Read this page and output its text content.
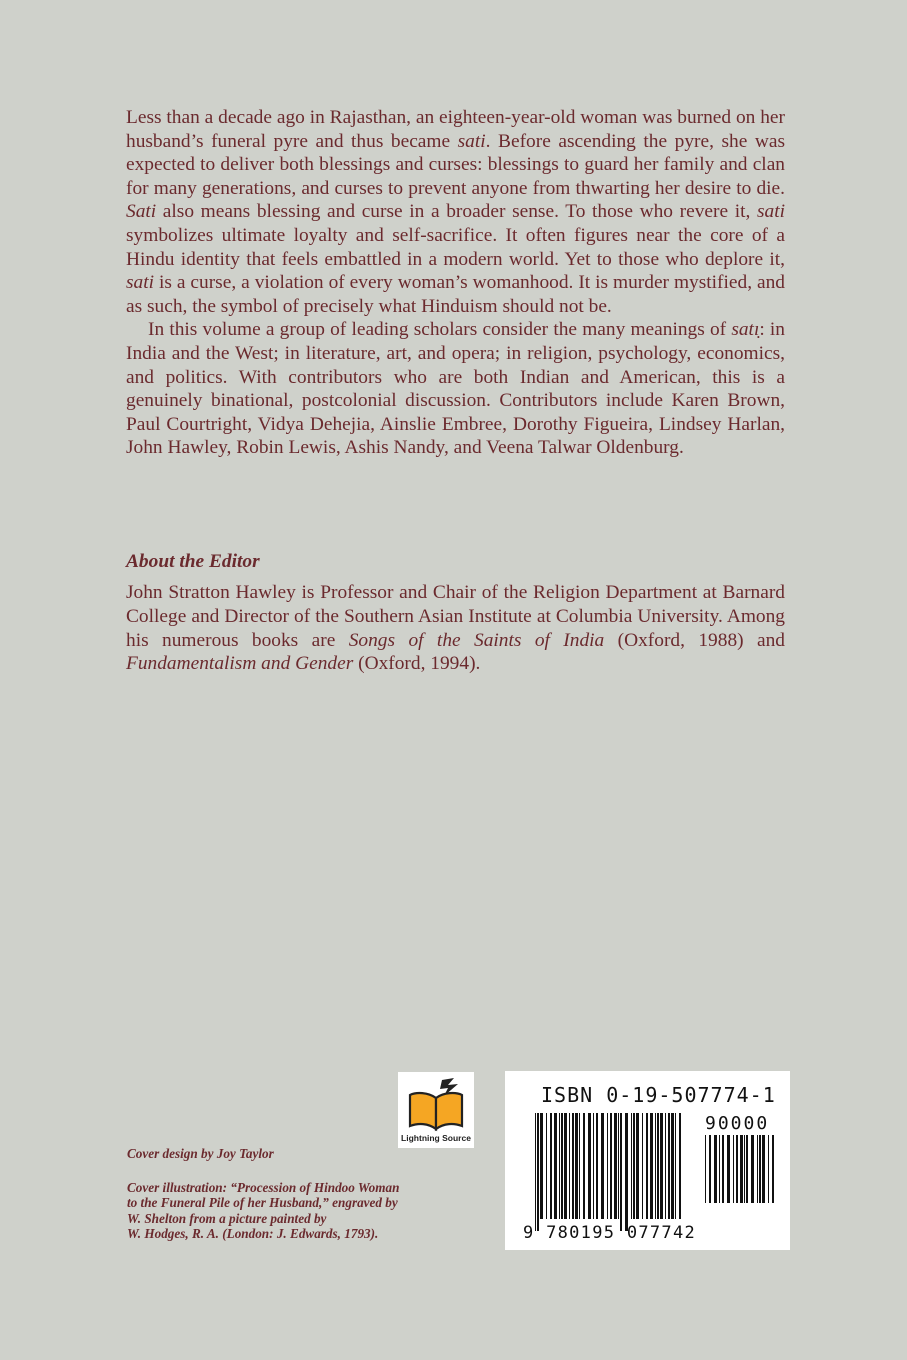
Less than a decade ago in Rajasthan, an eighteen-year-old woman was burned on her husband’s funeral pyre and thus became sati. Before ascending the pyre, she was expected to deliver both blessings and curses: blessings to guard her family and clan for many generations, and curses to prevent anyone from thwarting her desire to die. Sati also means blessing and curse in a broader sense. To those who revere it, sati symbolizes ultimate loyalty and self-sacrifice. It often figures near the core of a Hindu identity that feels embattled in a modern world. Yet to those who deplore it, sati is a curse, a violation of every woman’s womanhood. It is murder mystified, and as such, the symbol of precisely what Hinduism should not be.

In this volume a group of leading scholars consider the many meanings of satı̣: in India and the West; in literature, art, and opera; in religion, psychology, economics, and politics. With contributors who are both Indian and American, this is a genuinely binational, postcolonial discussion. Contributors include Karen Brown, Paul Courtright, Vidya Dehejia, Ainslie Embree, Dorothy Figueira, Lindsey Harlan, John Hawley, Robin Lewis, Ashis Nandy, and Veena Talwar Oldenburg.

About the Editor

John Stratton Hawley is Professor and Chair of the Religion Department at Barnard College and Director of the Southern Asian Institute at Columbia University. Among his numerous books are Songs of the Saints of India (Oxford, 1988) and Fundamentalism and Gender (Oxford, 1994).

Cover design by Joy Taylor

Cover illustration: “Procession of Hindoo Woman
to the Funeral Pile of her Husband,” engraved by
W. Shelton from a picture painted by
W. Hodges, R. A. (London: J. Edwards, 1793).

Lightning Source
ISBN 0-19-507774-1
90000
9 780195 077742
